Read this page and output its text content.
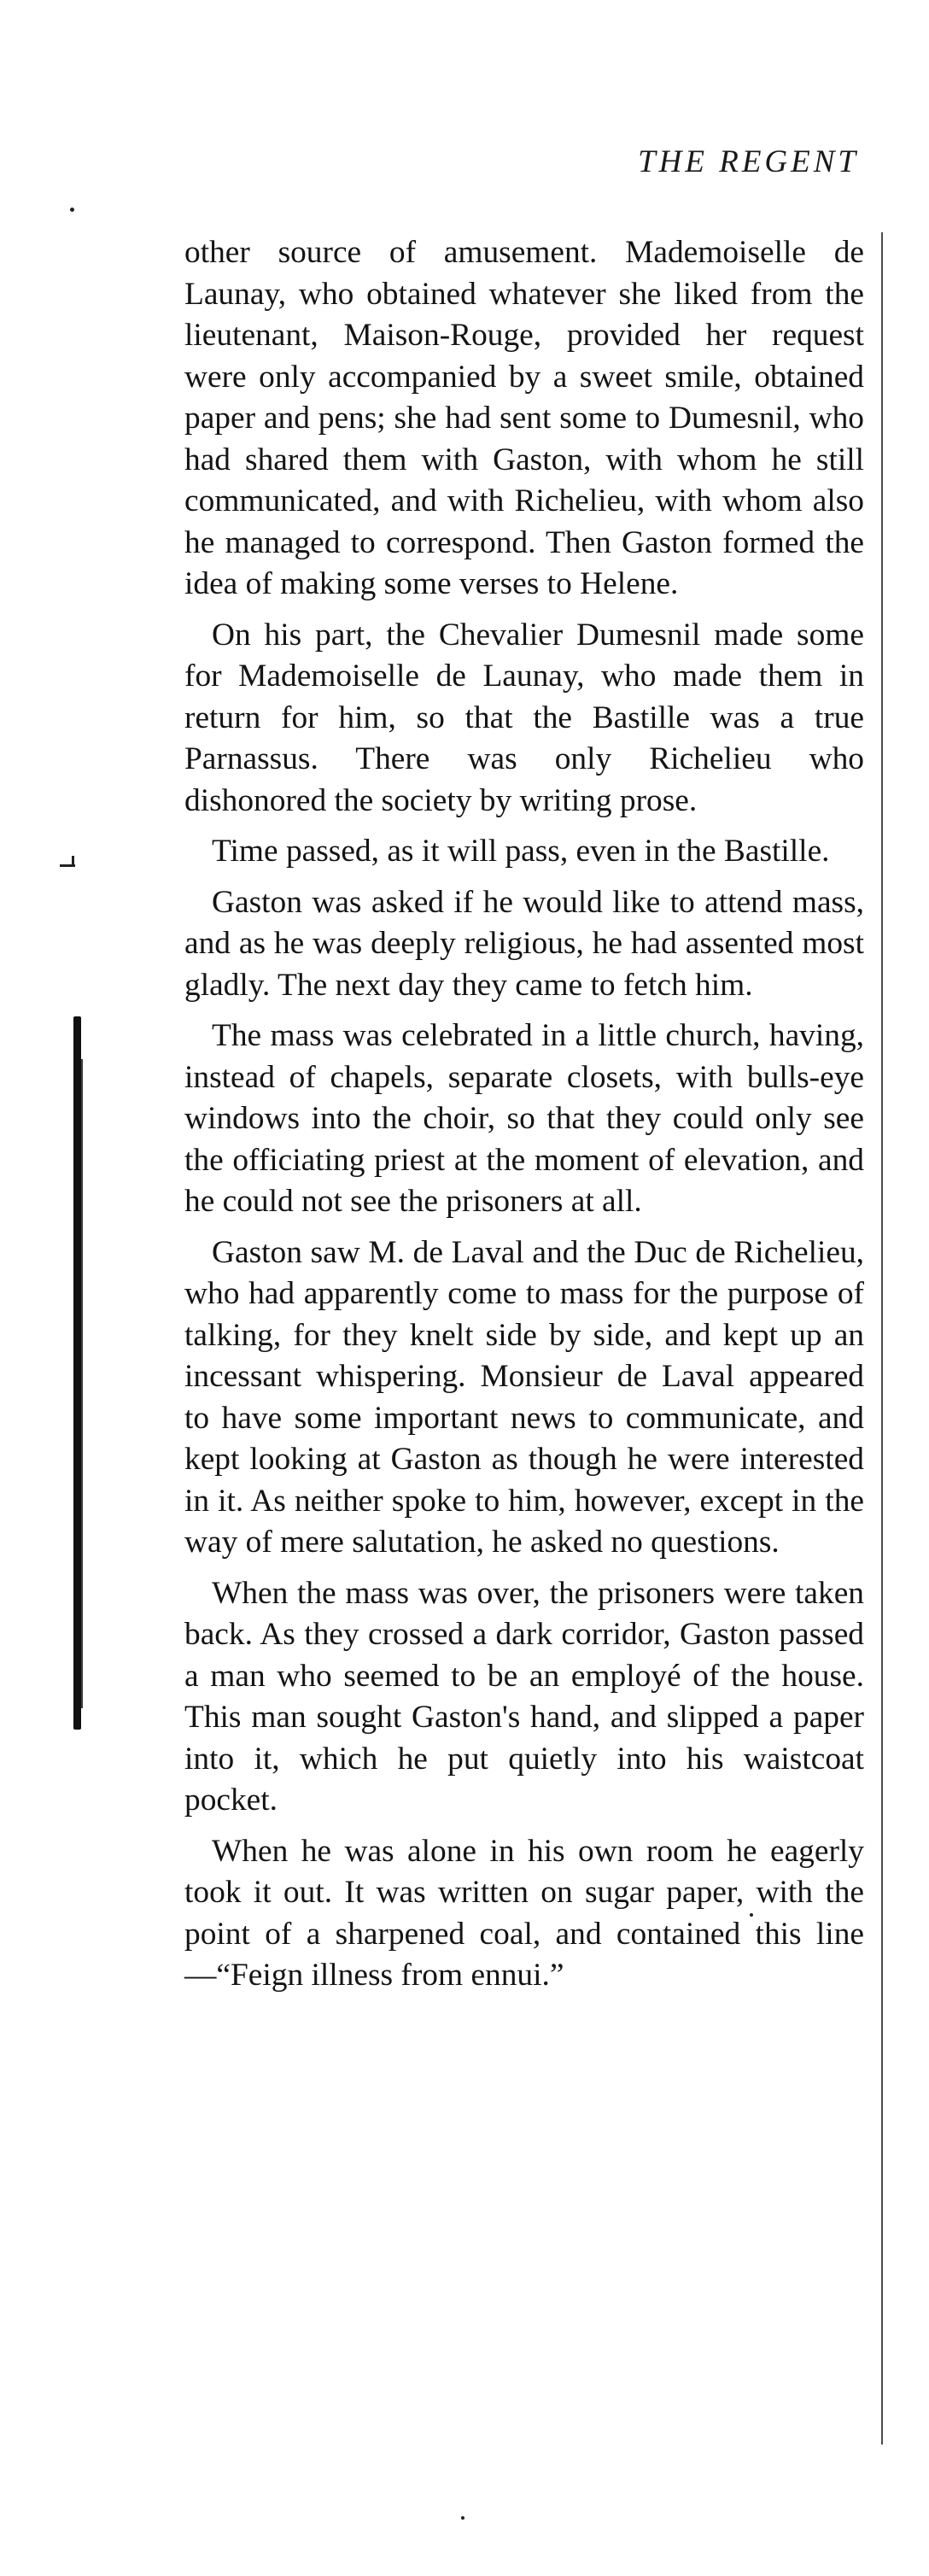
THE REGENT

other source of amusement. Mademoiselle de Launay, who obtained whatever she liked from the lieutenant, Maison-Rouge, provided her request were only accompanied by a sweet smile, obtained paper and pens; she had sent some to Dumesnil, who had shared them with Gaston, with whom he still communicated, and with Richelieu, with whom also he managed to correspond. Then Gaston formed the idea of making some verses to Helene.

On his part, the Chevalier Dumesnil made some for Mademoiselle de Launay, who made them in return for him, so that the Bastille was a true Parnassus. There was only Richelieu who dishonored the society by writing prose.

Time passed, as it will pass, even in the Bastille.

Gaston was asked if he would like to attend mass, and as he was deeply religious, he had assented most gladly. The next day they came to fetch him.

The mass was celebrated in a little church, having, instead of chapels, separate closets, with bulls-eye windows into the choir, so that they could only see the officiating priest at the moment of elevation, and he could not see the prisoners at all.

Gaston saw M. de Laval and the Duc de Richelieu, who had apparently come to mass for the purpose of talking, for they knelt side by side, and kept up an incessant whispering. Monsieur de Laval appeared to have some important news to communicate, and kept looking at Gaston as though he were interested in it. As neither spoke to him, however, except in the way of mere salutation, he asked no questions.

When the mass was over, the prisoners were taken back. As they crossed a dark corridor, Gaston passed a man who seemed to be an employé of the house. This man sought Gaston's hand, and slipped a paper into it, which he put quietly into his waistcoat pocket.

When he was alone in his own room he eagerly took it out. It was written on sugar paper, with the point of a sharpened coal, and contained this line—“Feign illness from ennui.”
